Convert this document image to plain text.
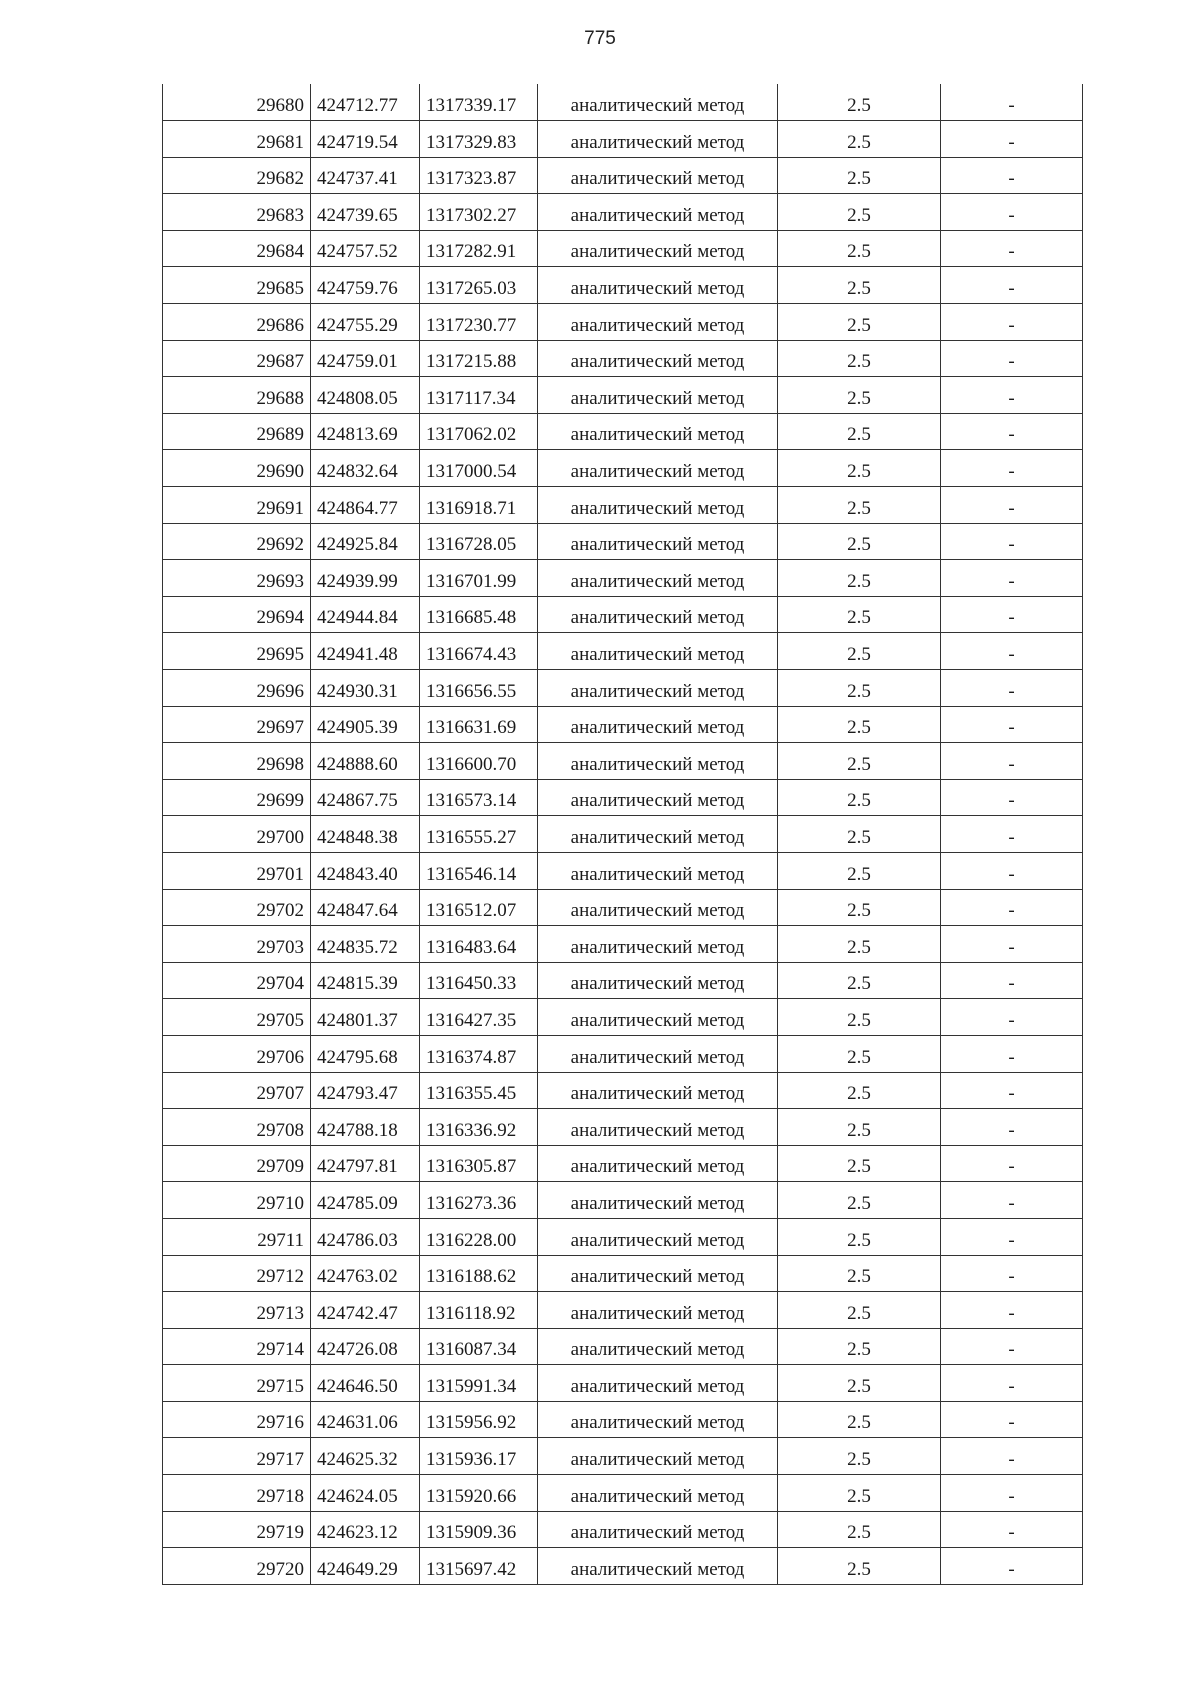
775
29680	424712.77	1317339.17	аналитический метод	2.5	-
29681	424719.54	1317329.83	аналитический метод	2.5	-
29682	424737.41	1317323.87	аналитический метод	2.5	-
29683	424739.65	1317302.27	аналитический метод	2.5	-
29684	424757.52	1317282.91	аналитический метод	2.5	-
29685	424759.76	1317265.03	аналитический метод	2.5	-
29686	424755.29	1317230.77	аналитический метод	2.5	-
29687	424759.01	1317215.88	аналитический метод	2.5	-
29688	424808.05	1317117.34	аналитический метод	2.5	-
29689	424813.69	1317062.02	аналитический метод	2.5	-
29690	424832.64	1317000.54	аналитический метод	2.5	-
29691	424864.77	1316918.71	аналитический метод	2.5	-
29692	424925.84	1316728.05	аналитический метод	2.5	-
29693	424939.99	1316701.99	аналитический метод	2.5	-
29694	424944.84	1316685.48	аналитический метод	2.5	-
29695	424941.48	1316674.43	аналитический метод	2.5	-
29696	424930.31	1316656.55	аналитический метод	2.5	-
29697	424905.39	1316631.69	аналитический метод	2.5	-
29698	424888.60	1316600.70	аналитический метод	2.5	-
29699	424867.75	1316573.14	аналитический метод	2.5	-
29700	424848.38	1316555.27	аналитический метод	2.5	-
29701	424843.40	1316546.14	аналитический метод	2.5	-
29702	424847.64	1316512.07	аналитический метод	2.5	-
29703	424835.72	1316483.64	аналитический метод	2.5	-
29704	424815.39	1316450.33	аналитический метод	2.5	-
29705	424801.37	1316427.35	аналитический метод	2.5	-
29706	424795.68	1316374.87	аналитический метод	2.5	-
29707	424793.47	1316355.45	аналитический метод	2.5	-
29708	424788.18	1316336.92	аналитический метод	2.5	-
29709	424797.81	1316305.87	аналитический метод	2.5	-
29710	424785.09	1316273.36	аналитический метод	2.5	-
29711	424786.03	1316228.00	аналитический метод	2.5	-
29712	424763.02	1316188.62	аналитический метод	2.5	-
29713	424742.47	1316118.92	аналитический метод	2.5	-
29714	424726.08	1316087.34	аналитический метод	2.5	-
29715	424646.50	1315991.34	аналитический метод	2.5	-
29716	424631.06	1315956.92	аналитический метод	2.5	-
29717	424625.32	1315936.17	аналитический метод	2.5	-
29718	424624.05	1315920.66	аналитический метод	2.5	-
29719	424623.12	1315909.36	аналитический метод	2.5	-
29720	424649.29	1315697.42	аналитический метод	2.5	-
